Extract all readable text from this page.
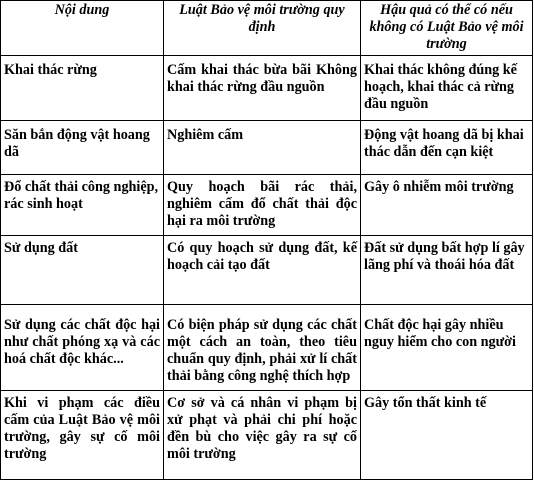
Nội dung	Luật Bảo vệ môi trường quy định	Hậu quả có thể có nếu không có Luật Bảo vệ môi trường
Khai thác rừng	Cấm khai thác bừa bãi Không khai thác rừng đầu nguồn	Khai thác không đúng kế hoạch, khai thác cả rừng đầu nguồn
Săn bắn động vật hoang dã	Nghiêm cấm	Động vật hoang dã bị khai thác dẫn đến cạn kiệt
Đổ chất thải công nghiệp, rác sinh hoạt	Quy hoạch bãi rác thải, nghiêm cấm đổ chất thải độc hại ra môi trường	Gây ô nhiễm môi trường
Sử dụng đất	Có quy hoạch sử dụng đất, kế hoạch cải tạo đất	Đất sử dụng bất hợp lí gây lãng phí và thoái hóa đất
Sử dụng các chất độc hại như chất phóng xạ và các hoá chất độc khác...	Có biện pháp sử dụng các chất một cách an toàn, theo tiêu chuẩn quy định, phải xử lí chất thải bằng công nghệ thích hợp	Chất độc hại gây nhiều nguy hiểm cho con người
Khi vi phạm các điều cấm của Luật Bảo vệ môi trường, gây sự cố môi trường	Cơ sở và cá nhân vi phạm bị xử phạt và phải chi phí hoặc đền bù cho việc gây ra sự cố môi trường	Gây tổn thất kinh tế
